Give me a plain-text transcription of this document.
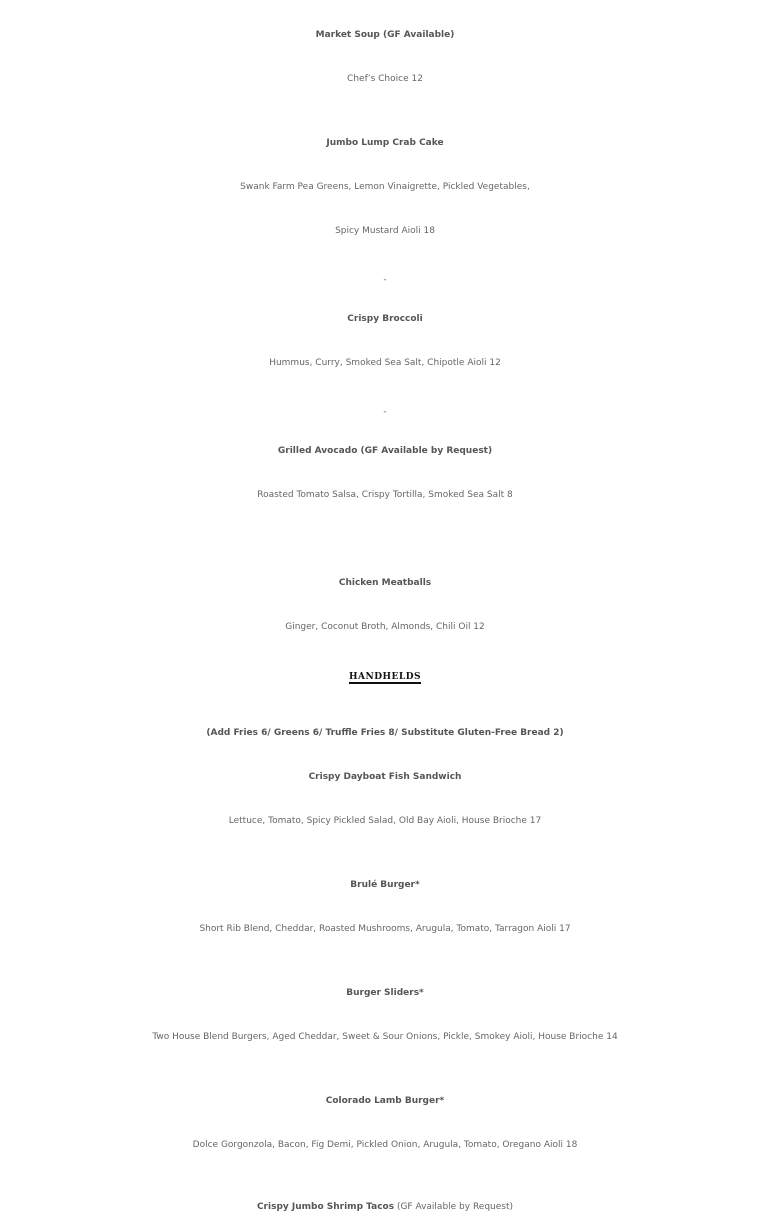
Market Soup (GF Available)
Chef’s Choice 12
Jumbo Lump Crab Cake
Swank Farm Pea Greens, Lemon Vinaigrette, Pickled Vegetables,
Spicy Mustard Aioli 18
-
Crispy Broccoli
Hummus, Curry, Smoked Sea Salt, Chipotle Aioli 12
-
Grilled Avocado (GF Available by Request)
Roasted Tomato Salsa, Crispy Tortilla, Smoked Sea Salt 8
Chicken Meatballs
Ginger, Coconut Broth, Almonds, Chili Oil 12
HANDHELDS
(Add Fries 6/ Greens 6/ Truffle Fries 8/ Substitute Gluten-Free Bread 2)
Crispy Dayboat Fish Sandwich
Lettuce, Tomato, Spicy Pickled Salad, Old Bay Aioli, House Brioche 17
Brulé Burger*
Short Rib Blend, Cheddar, Roasted Mushrooms, Arugula, Tomato, Tarragon Aioli 17
Burger Sliders*
Two House Blend Burgers, Aged Cheddar, Sweet & Sour Onions, Pickle, Smokey Aioli, House Brioche 14
Colorado Lamb Burger*
Dolce Gorgonzola, Bacon, Fig Demi, Pickled Onion, Arugula, Tomato, Oregano Aioli 18
Crispy Jumbo Shrimp Tacos (GF Available by Request)
